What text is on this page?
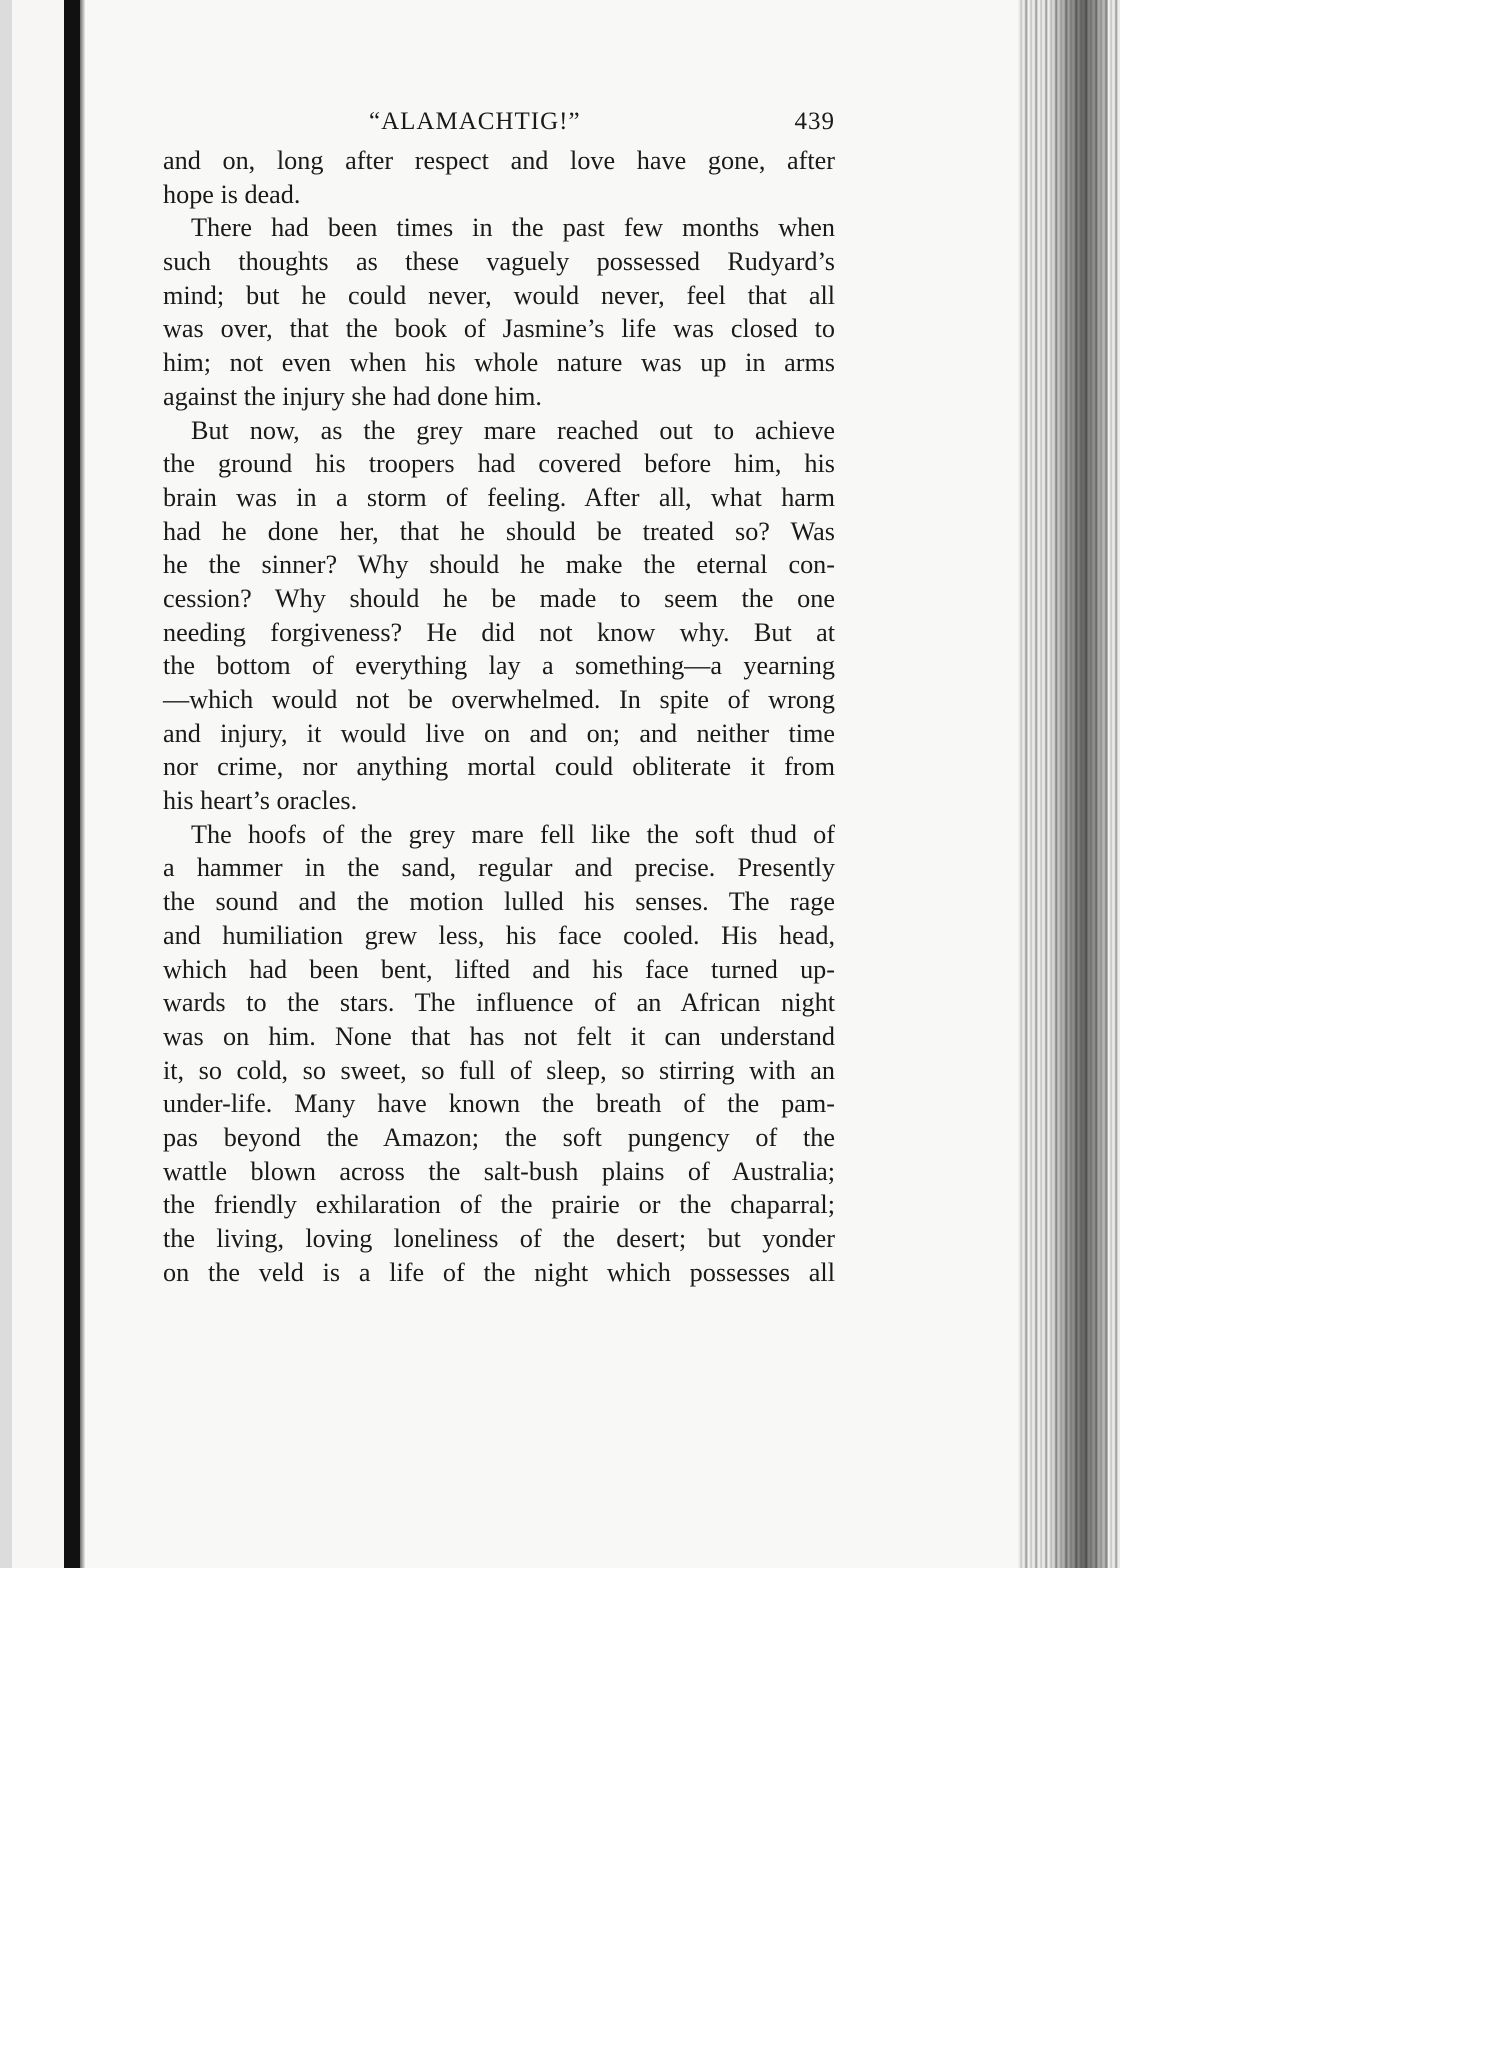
“ALAMACHTIG!”	439
and on, long after respect and love have gone, after
hope is dead.
There had been times in the past few months when
such thoughts as these vaguely possessed Rudyard’s
mind; but he could never, would never, feel that all
was over, that the book of Jasmine’s life was closed to
him; not even when his whole nature was up in arms
against the injury she had done him.
But now, as the grey mare reached out to achieve
the ground his troopers had covered before him, his
brain was in a storm of feeling. After all, what harm
had he done her, that he should be treated so? Was
he the sinner? Why should he make the eternal con-
cession? Why should he be made to seem the one
needing forgiveness? He did not know why. But at
the bottom of everything lay a something—a yearning
—which would not be overwhelmed. In spite of wrong
and injury, it would live on and on; and neither time
nor crime, nor anything mortal could obliterate it from
his heart’s oracles.
The hoofs of the grey mare fell like the soft thud of
a hammer in the sand, regular and precise. Presently
the sound and the motion lulled his senses. The rage
and humiliation grew less, his face cooled. His head,
which had been bent, lifted and his face turned up-
wards to the stars. The influence of an African night
was on him. None that has not felt it can understand
it, so cold, so sweet, so full of sleep, so stirring with an
under-life. Many have known the breath of the pam-
pas beyond the Amazon; the soft pungency of the
wattle blown across the salt-bush plains of Australia;
the friendly exhilaration of the prairie or the chaparral;
the living, loving loneliness of the desert; but yonder
on the veld is a life of the night which possesses all
